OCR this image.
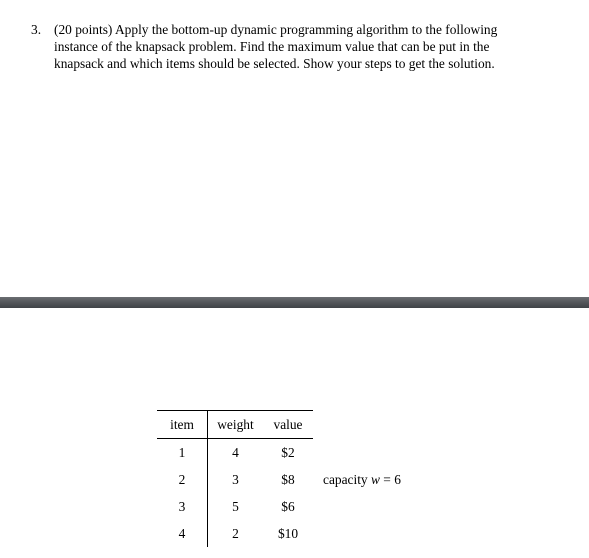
3. (20 points) Apply the bottom-up dynamic programming algorithm to the following
instance of the knapsack problem. Find the maximum value that can be put in the
knapsack and which items should be selected. Show your steps to get the solution.
item	weight	value
1	4	$2
2	3	$8
3	5	$6
4	2	$10
capacity w = 6
